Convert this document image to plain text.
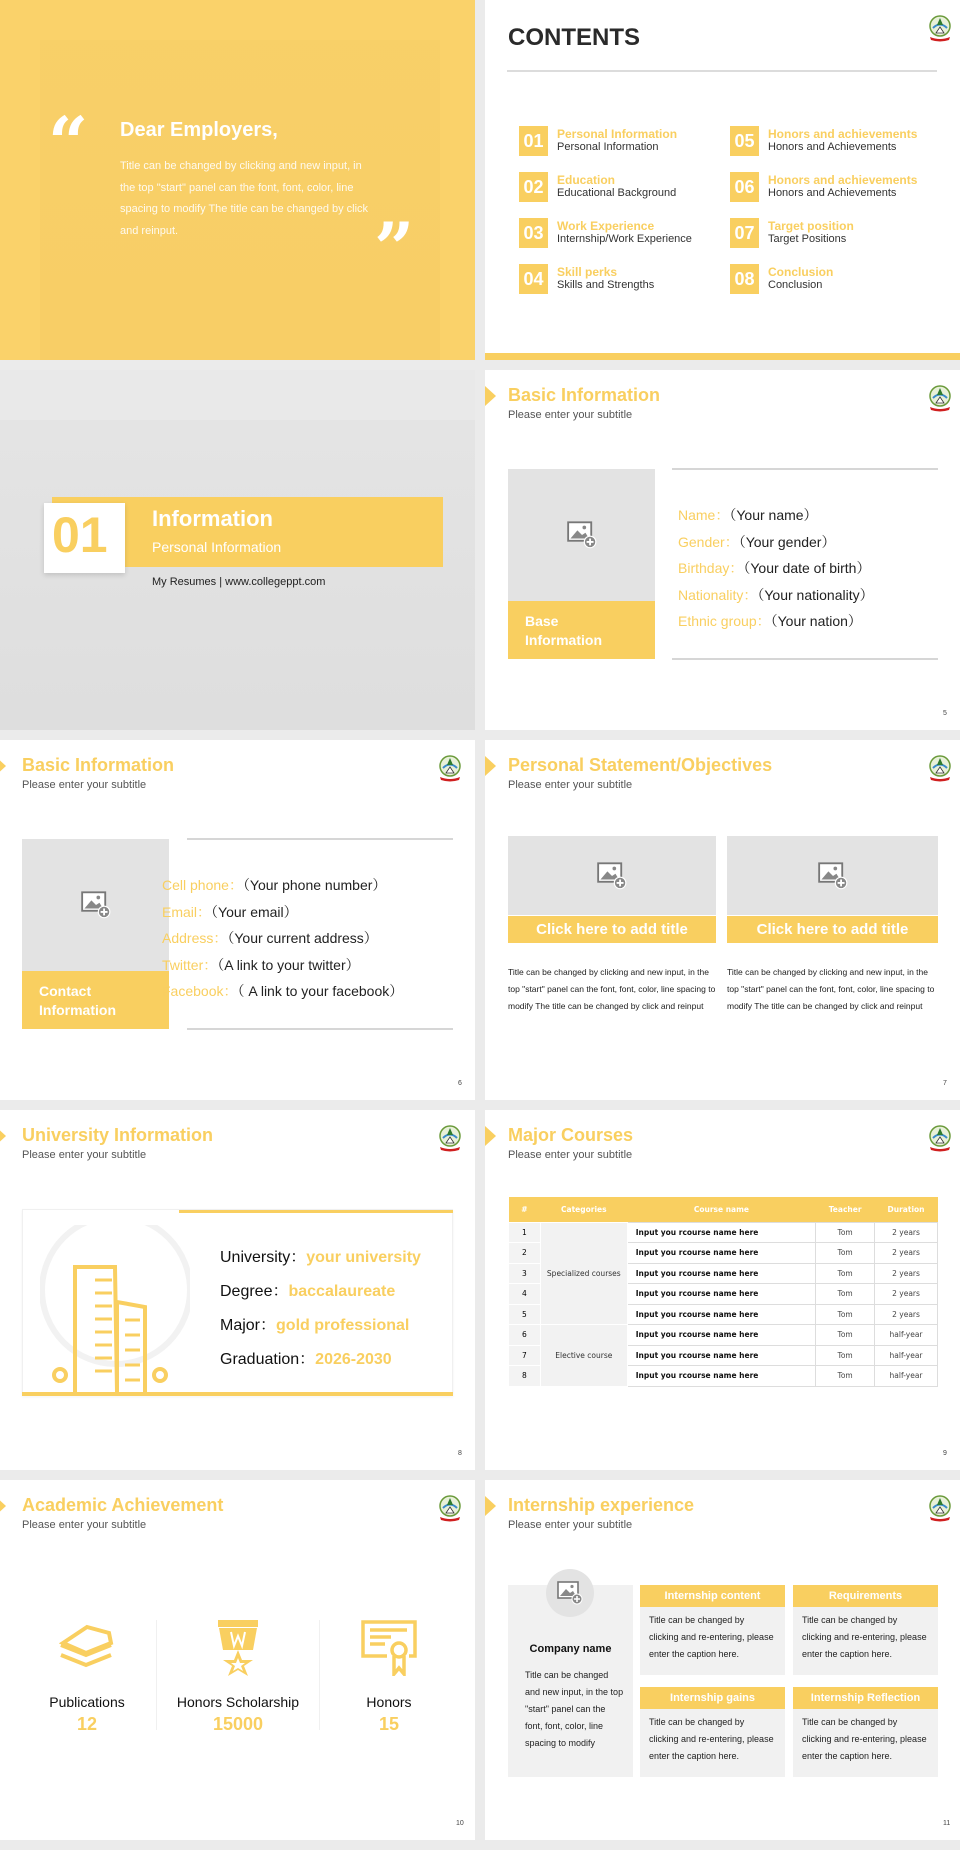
“ Dear Employers,
Title can be changed by clicking and new input, in the top "start" panel can the font, font, color, line spacing to modify The title can be changed by click and reinput.	”
CONTENTS
01	Personal Information
Personal Information
02	Education
Educational Background
03	Work Experience
Internship/Work Experience
04	Skill perks
Skills and Strengths
05	Honors and achievements
Honors and Achievements
06	Honors and achievements
Honors and Achievements
07	Target position
Target Positions
08	Conclusion
Conclusion
01 Information
Personal Information
My Resumes | www.collegeppt.com
Basic Information
Please enter your subtitle
Base Information
Name：（Your name）
Gender：（Your gender）
Birthday：（Your date of birth）
Nationality：（Your nationality）
Ethnic group：（Your nation）
5
Basic Information
Please enter your subtitle
Contact Information
Cell phone：（Your phone number）
Email：（Your email）
Address：（Your current address）
Twitter：（A link to your twitter）
Facebook：（ A link to your facebook）
6
Personal Statement/Objectives
Please enter your subtitle
Click here to add title
Title can be changed by clicking and new input, in the top "start" panel can the font, font, color, line spacing to modify The title can be changed by click and reinput
Click here to add title
Title can be changed by clicking and new input, in the top "start" panel can the font, font, color, line spacing to modify The title can be changed by click and reinput
7
University Information
Please enter your subtitle
University：your university
Degree：baccalaureate
Major：gold professional
Graduation：2026-2030
8
Major Courses
Please enter your subtitle
#	Categories	Course name	Teacher	Duration
1	Specialized courses	Input you rcourse name here	Tom	2 years
2	Input you rcourse name here	Tom	2 years
3	Input you rcourse name here	Tom	2 years
4	Input you rcourse name here	Tom	2 years
5	Input you rcourse name here	Tom	2 years
6	Elective course	Input you rcourse name here	Tom	half-year
7	Input you rcourse name here	Tom	half-year
8	Input you rcourse name here	Tom	half-year
9
Academic Achievement
Please enter your subtitle
Publications
12
Honors Scholarship
15000
Honors
15
10
Internship experience
Please enter your subtitle
Company name
Title can be changed and new input, in the top "start" panel can the font, font, color, line spacing to modify
Internship content
Title can be changed by clicking and re-entering, please enter the caption here.
Requirements
Title can be changed by clicking and re-entering, please enter the caption here.
Internship gains
Title can be changed by clicking and re-entering, please enter the caption here.
Internship Reflection
Title can be changed by clicking and re-entering, please enter the caption here.
11
